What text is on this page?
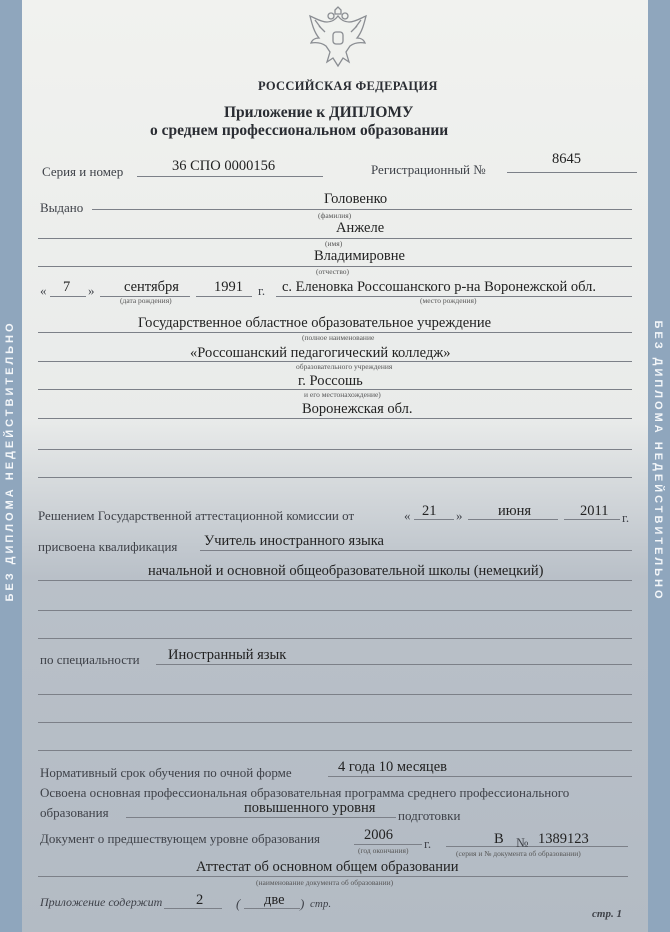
БЕЗ ДИПЛОМА НЕДЕЙСТВИТЕЛЬНО	БЕЗ ДИПЛОМА НЕДЕЙСТВИТЕЛЬНО
РОССИЙСКАЯ ФЕДЕРАЦИЯ
Приложение к ДИПЛОМУ
о среднем профессиональном образовании
Серия и номер	36 СПО 0000156	Регистрационный №
8645
Выдано
Головенко
(фамилия)
Анжеле
(имя)
Владимировне
(отчество)
« 7 » сентября 1991 г.
(дата рождения)
с. Еленовка Россошанского р-на Воронежской обл.
(место рождения)
Государственное областное образовательное учреждение
(полное наименование
«Россошанский педагогический колледж»
образовательного учреждения
г. Россошь
и его местонахождение)
Воронежская обл.
Решением Государственной аттестационной комиссии от	« 21 » июня	2011 г.
присвоена квалификация Учитель иностранного языка
начальной и основной общеобразовательной школы (немецкий)
по специальности Иностранный язык
Нормативный срок обучения по очной форме	4 года 10 месяцев
Освоена основная профессиональная образовательная программа среднего профессионального
образования	повышенного уровня подготовки
Документ о предшествующем уровне образования	2006
г.
(год окончания)
В № 1389123
(серия и № документа об образовании)
Аттестат об основном общем образовании
(наименование документа об образовании)
Приложение содержит 2	( две ) стр.
стр. 1
